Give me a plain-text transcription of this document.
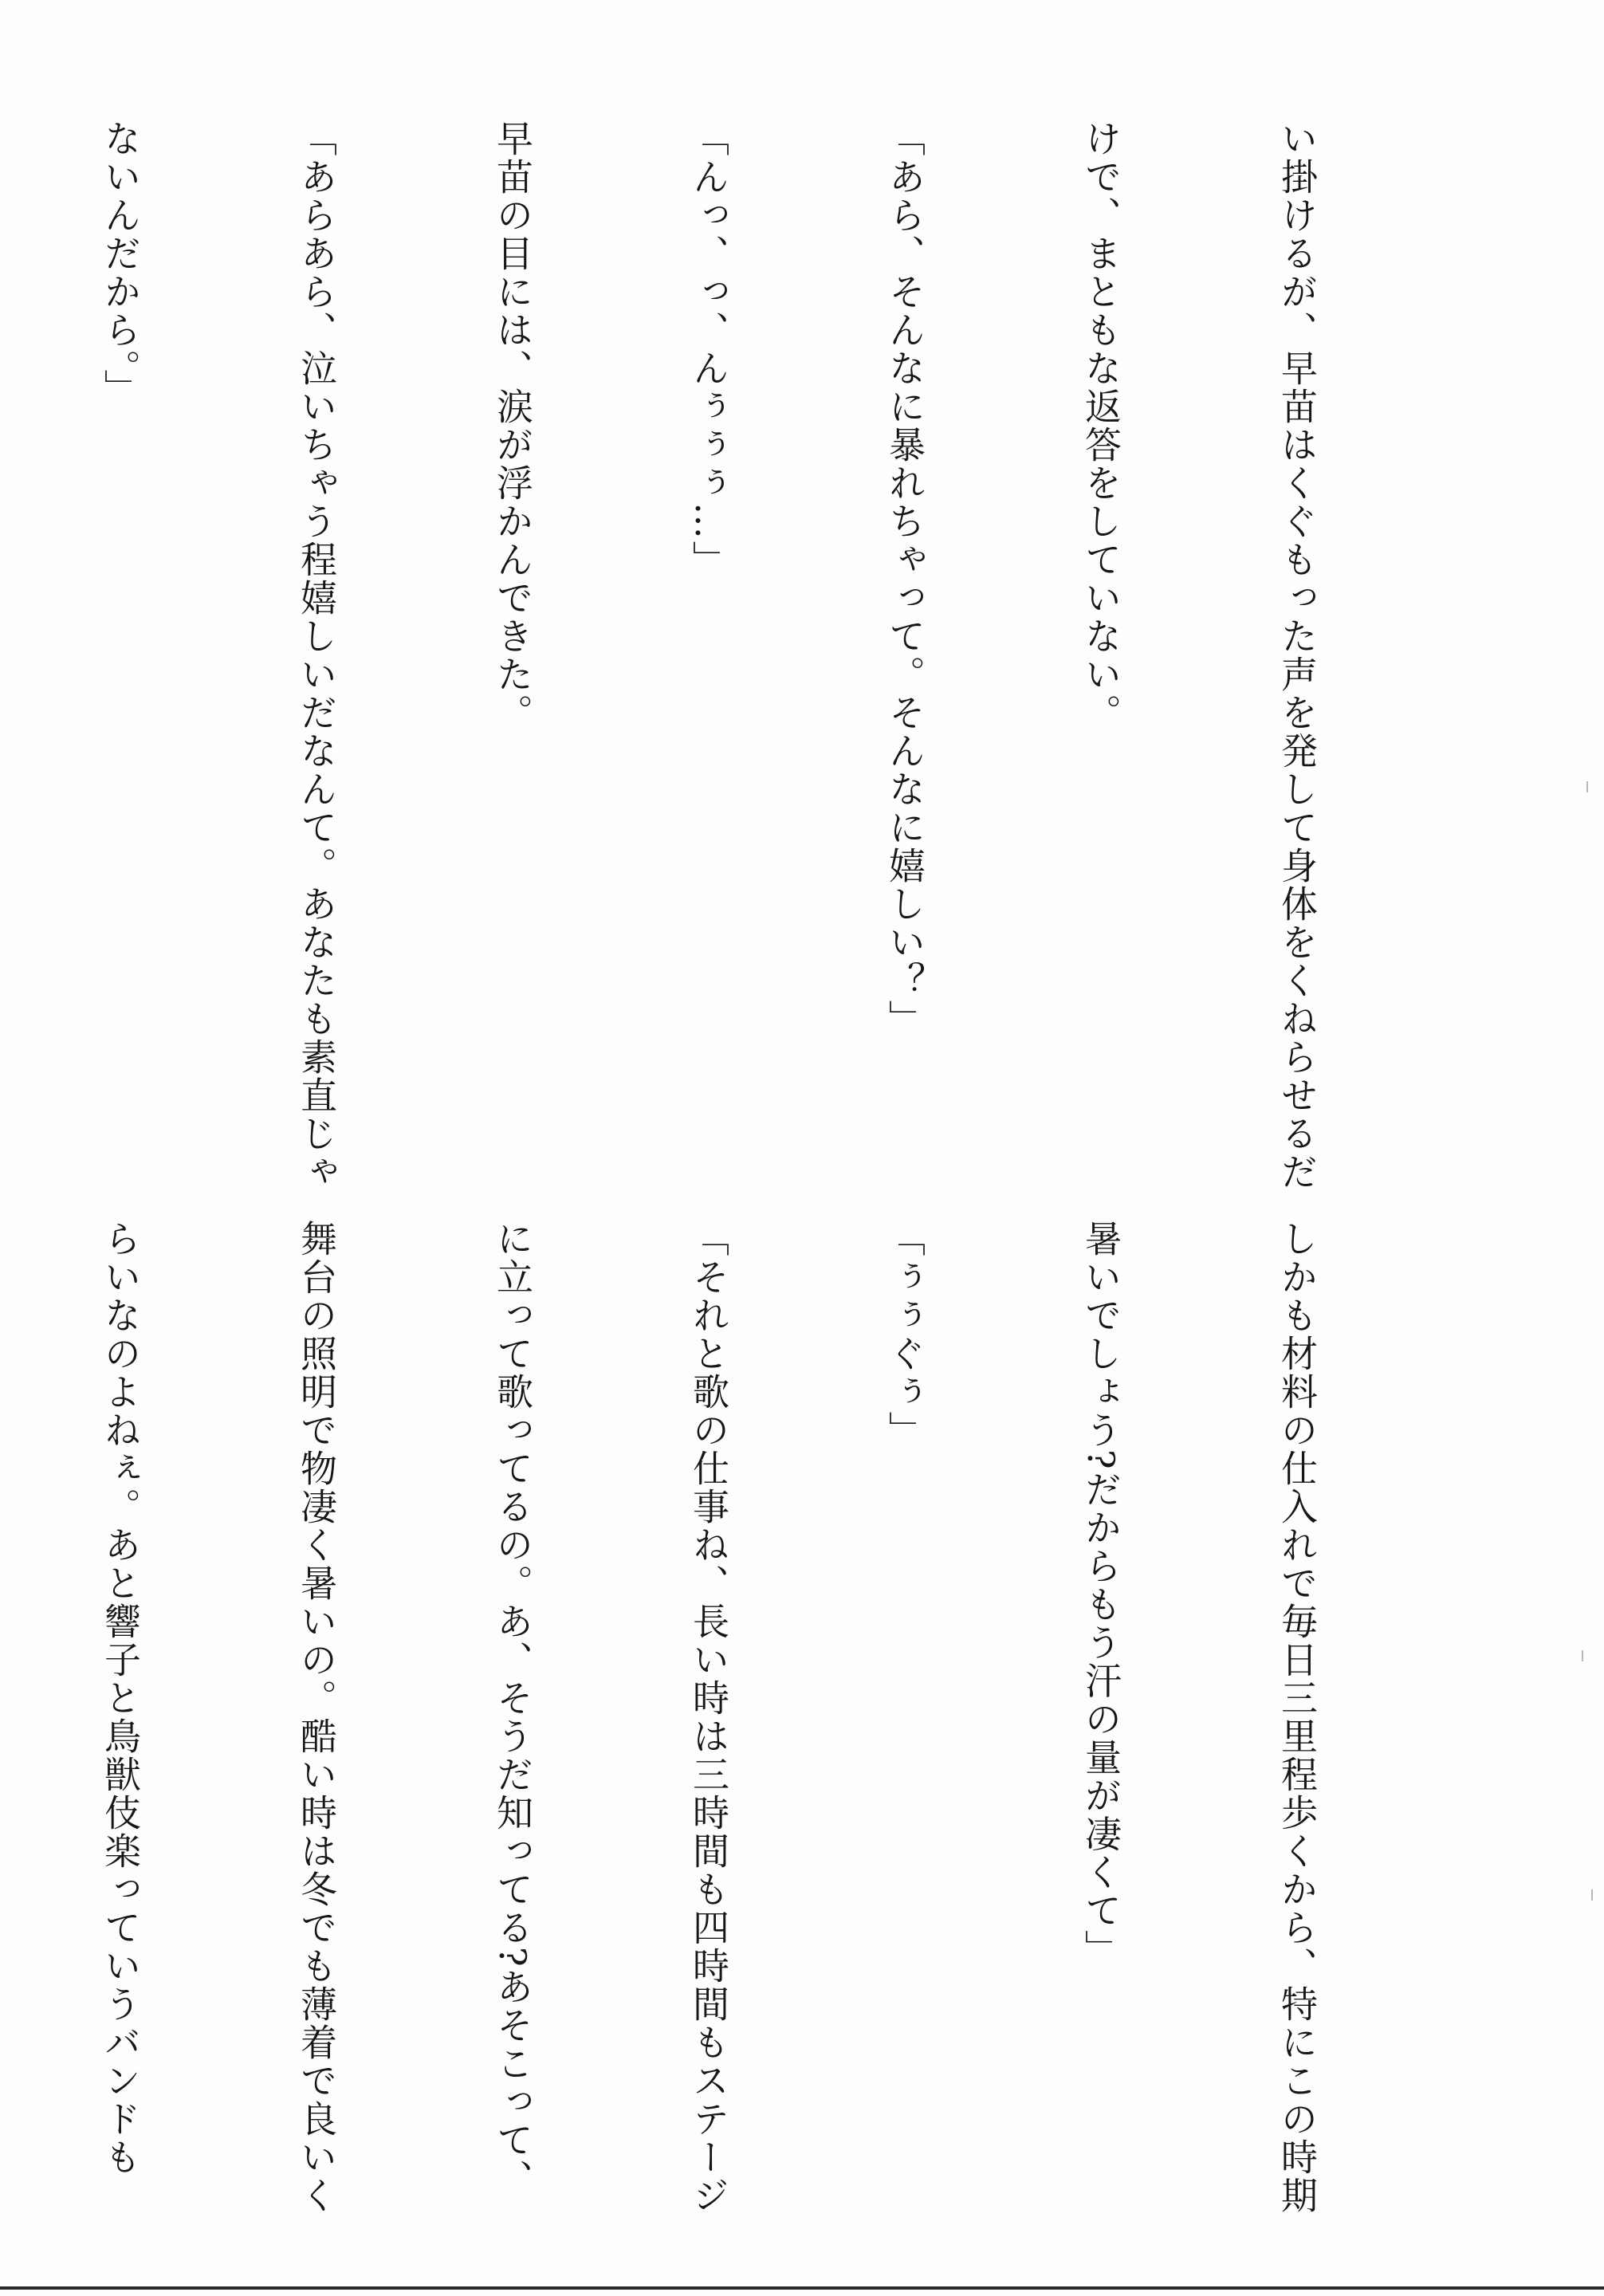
い掛けるが、早苗はくぐもった声を発して身体をくねらせるだ

けで、まともな返答をしていない。

「あら、そんなに暴れちゃって。そんなに嬉しい？」

「んっ、っ、んぅぅぅ…」

早苗の目には、涙が浮かんできた。

「あらあら、泣いちゃう程嬉しいだなんて。あなたも素直じゃ

ないんだから。」

しかも材料の仕入れで毎日三里程歩くから、特にこの時期

暑いでしょう?だからもう汗の量が凄くて」

「ぅぅぐぅ」

「それと歌の仕事ね、長い時は三時間も四時間もステージ

に立って歌ってるの。あ、そうだ知ってる?あそこって、

舞台の照明で物凄く暑いの。酷い時は冬でも薄着で良いく

らいなのよねぇ。あと響子と鳥獣伎楽っていうバンドも
